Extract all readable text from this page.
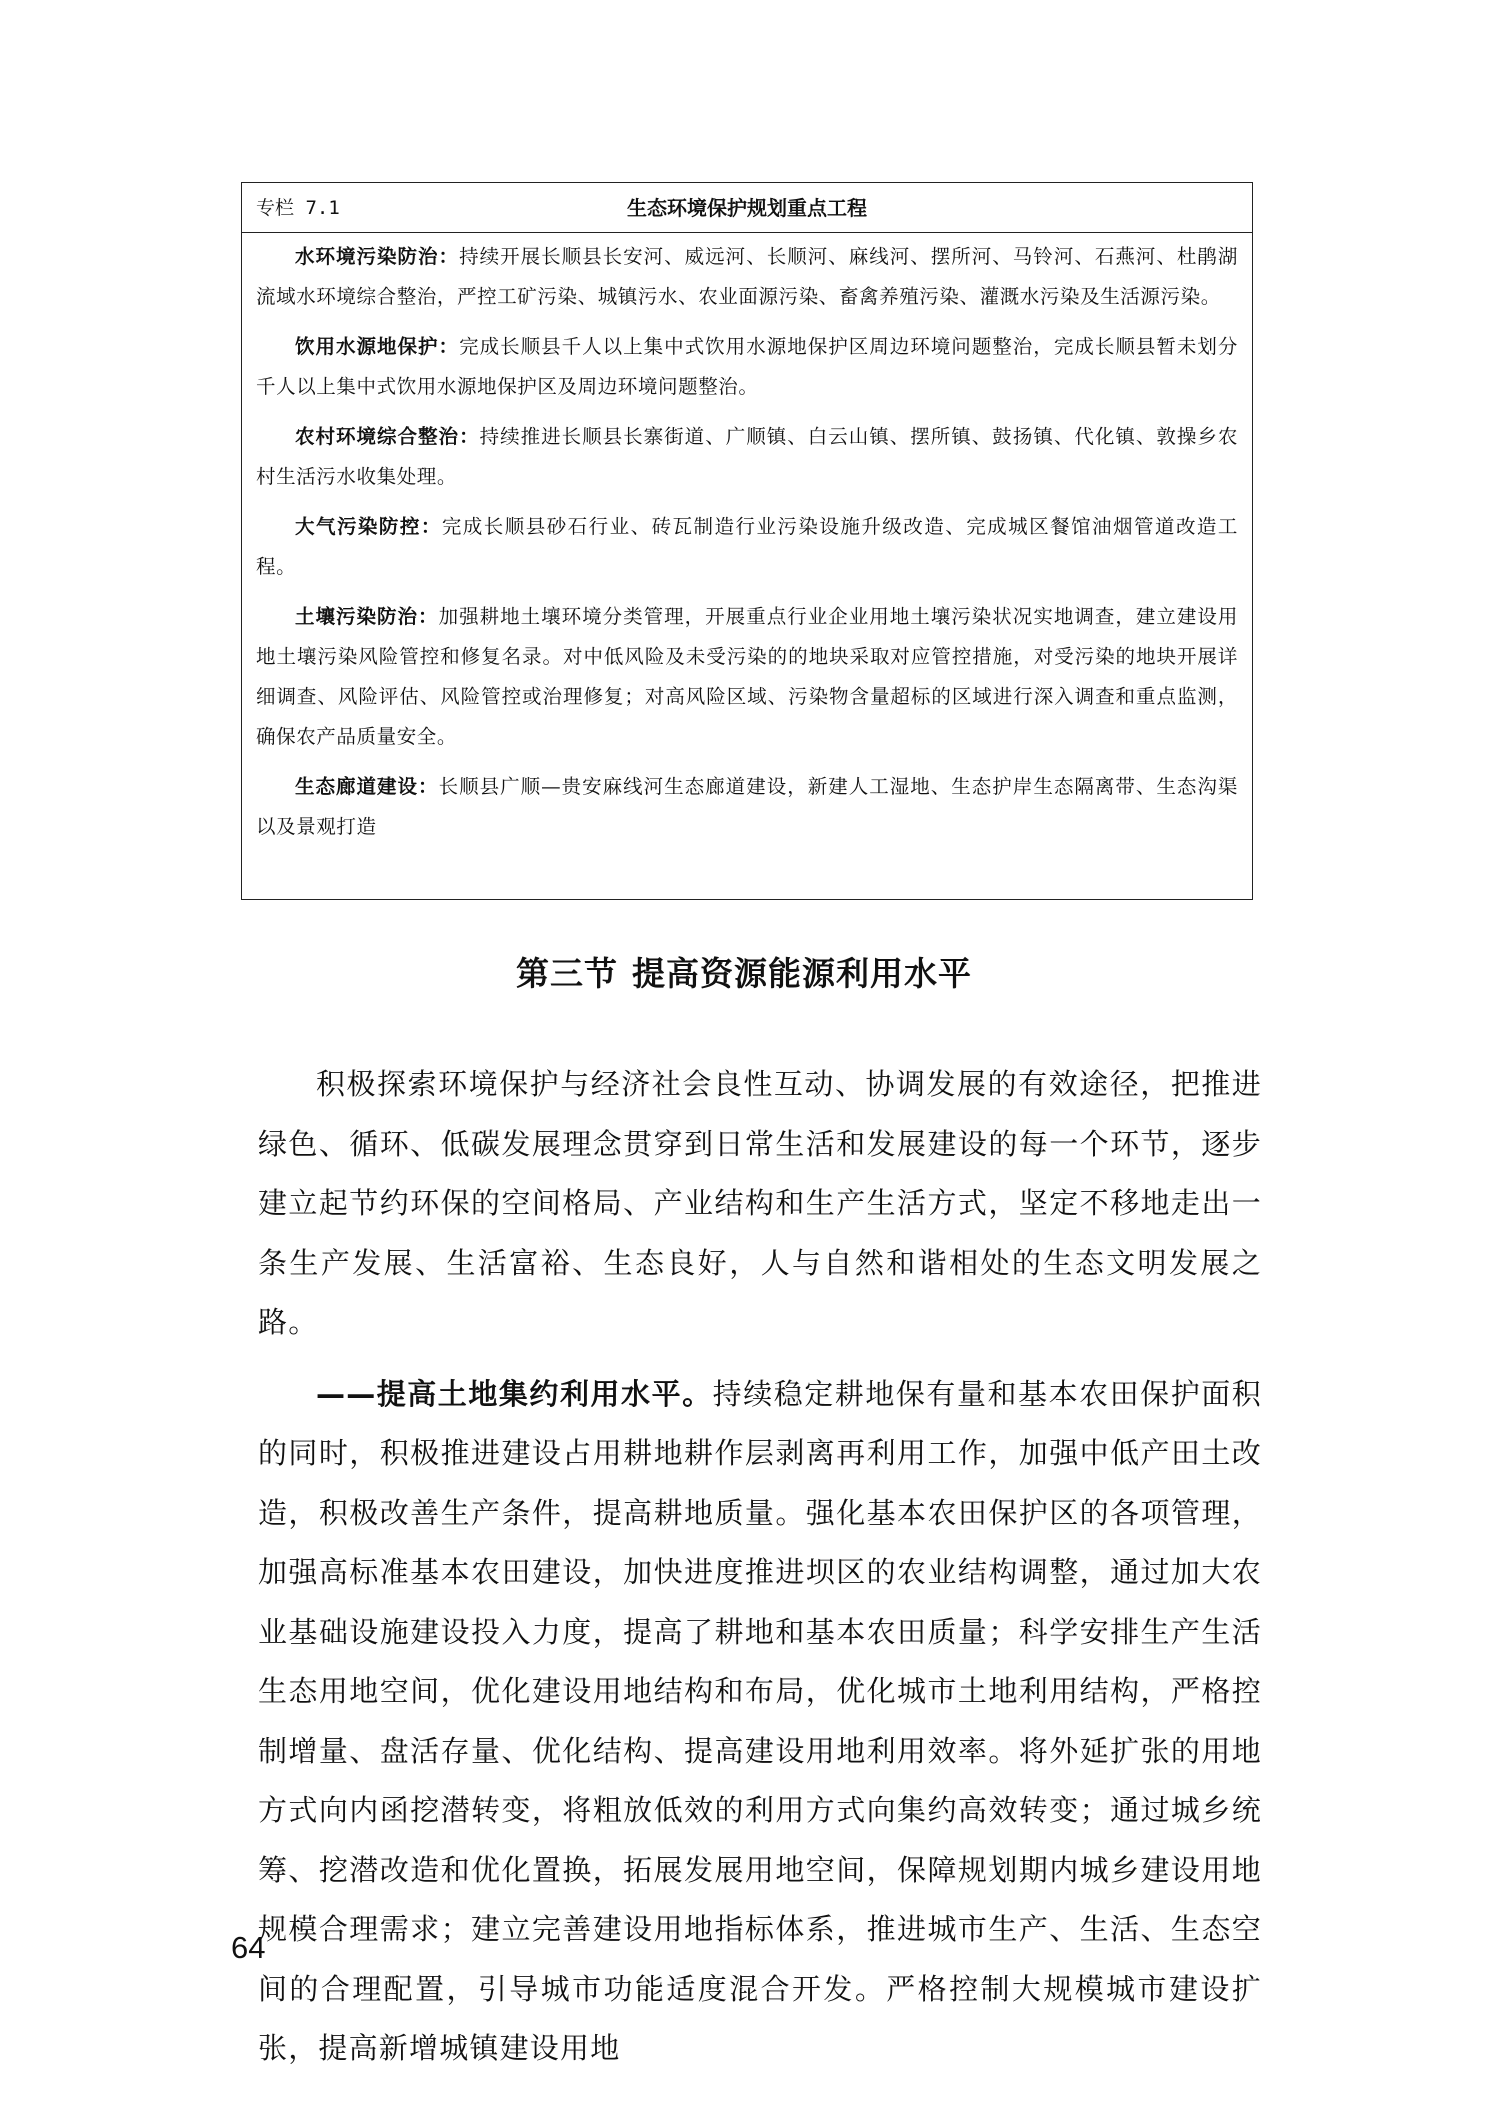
专栏 7.1	生态环境保护规划重点工程

水环境污染防治：持续开展长顺县长安河、威远河、长顺河、麻线河、摆所河、马铃河、石燕河、杜鹃湖流域水环境综合整治，严控工矿污染、城镇污水、农业面源污染、畜禽养殖污染、灌溉水污染及生活源污染。

饮用水源地保护：完成长顺县千人以上集中式饮用水源地保护区周边环境问题整治，完成长顺县暂未划分千人以上集中式饮用水源地保护区及周边环境问题整治。

农村环境综合整治：持续推进长顺县长寨街道、广顺镇、白云山镇、摆所镇、鼓扬镇、代化镇、敦操乡农村生活污水收集处理。

大气污染防控：完成长顺县砂石行业、砖瓦制造行业污染设施升级改造、完成城区餐馆油烟管道改造工程。

土壤污染防治：加强耕地土壤环境分类管理，开展重点行业企业用地土壤污染状况实地调查，建立建设用地土壤污染风险管控和修复名录。对中低风险及未受污染的的地块采取对应管控措施，对受污染的地块开展详细调查、风险评估、风险管控或治理修复；对高风险区域、污染物含量超标的区域进行深入调查和重点监测，确保农产品质量安全。

生态廊道建设：长顺县广顺—贵安麻线河生态廊道建设，新建人工湿地、生态护岸生态隔离带、生态沟渠以及景观打造

第三节 提高资源能源利用水平

积极探索环境保护与经济社会良性互动、协调发展的有效途径，把推进绿色、循环、低碳发展理念贯穿到日常生活和发展建设的每一个环节，逐步建立起节约环保的空间格局、产业结构和生产生活方式，坚定不移地走出一条生产发展、生活富裕、生态良好，人与自然和谐相处的生态文明发展之路。

——提高土地集约利用水平。持续稳定耕地保有量和基本农田保护面积的同时，积极推进建设占用耕地耕作层剥离再利用工作，加强中低产田土改造，积极改善生产条件，提高耕地质量。强化基本农田保护区的各项管理，加强高标准基本农田建设，加快进度推进坝区的农业结构调整，通过加大农业基础设施建设投入力度，提高了耕地和基本农田质量；科学安排生产生活生态用地空间，优化建设用地结构和布局，优化城市土地利用结构，严格控制增量、盘活存量、优化结构、提高建设用地利用效率。将外延扩张的用地方式向内函挖潜转变，将粗放低效的利用方式向集约高效转变；通过城乡统筹、挖潜改造和优化置换，拓展发展用地空间，保障规划期内城乡建设用地规模合理需求；建立完善建设用地指标体系，推进城市生产、生活、生态空间的合理配置，引导城市功能适度混合开发。严格控制大规模城市建设扩张，提高新增城镇建设用地

64
